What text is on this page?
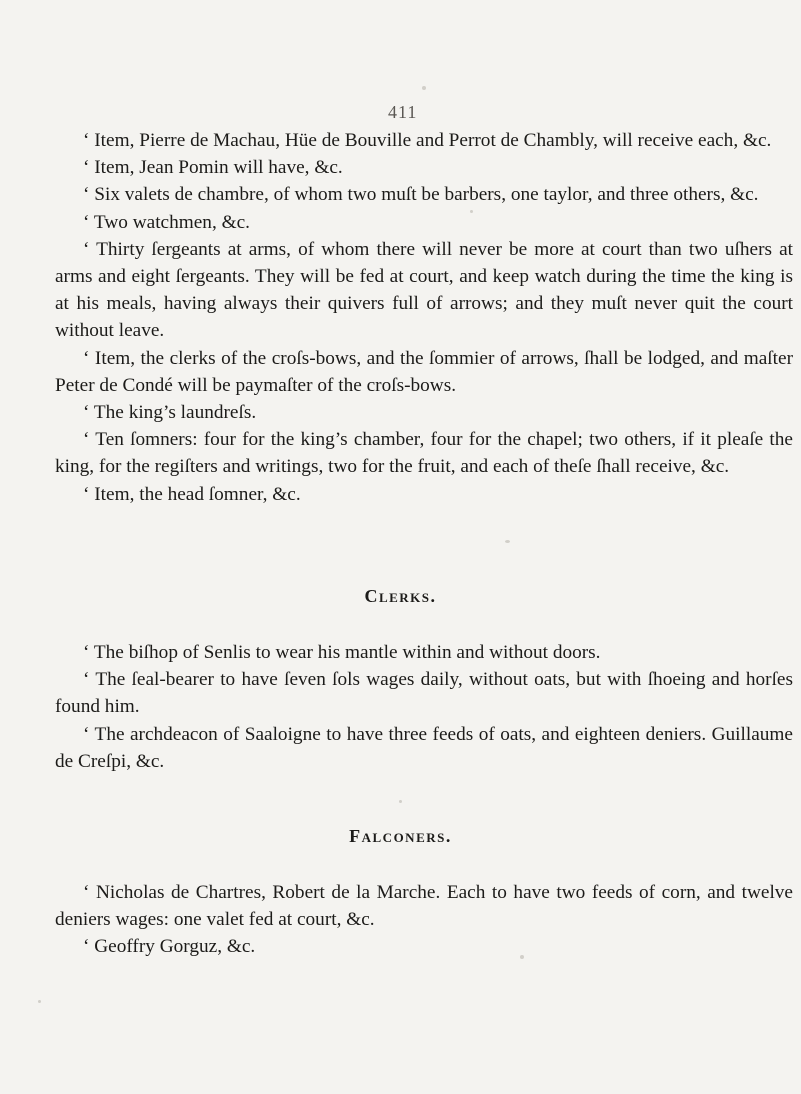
411

‘ Item, Pierre de Machau, Hüe de Bouville and Perrot de Chambly, will receive each, &c.

‘ Item, Jean Pomin will have, &c.

‘ Six valets de chambre, of whom two muſt be barbers, one taylor, and three others, &c.

‘ Two watchmen, &c.

‘ Thirty ſergeants at arms, of whom there will never be more at court than two uſhers at arms and eight ſergeants. They will be fed at court, and keep watch during the time the king is at his meals, having always their quivers full of arrows; and they muſt never quit the court without leave.

‘ Item, the clerks of the croſs-bows, and the ſommier of arrows, ſhall be lodged, and maſter Peter de Condé will be paymaſter of the croſs-bows.

‘ The king’s laundreſs.

‘ Ten ſomners: four for the king’s chamber, four for the chapel; two others, if it pleaſe the king, for the regiſters and writings, two for the fruit, and each of theſe ſhall receive, &c.

‘ Item, the head ſomner, &c.

Clerks.

‘ The biſhop of Senlis to wear his mantle within and without doors.

‘ The ſeal-bearer to have ſeven ſols wages daily, without oats, but with ſhoeing and horſes found him.

‘ The archdeacon of Saaloigne to have three feeds of oats, and eighteen deniers. Guillaume de Creſpi, &c.

Falconers.

‘ Nicholas de Chartres, Robert de la Marche. Each to have two feeds of corn, and twelve deniers wages: one valet fed at court, &c.

‘ Geoffry Gorguz, &c.
